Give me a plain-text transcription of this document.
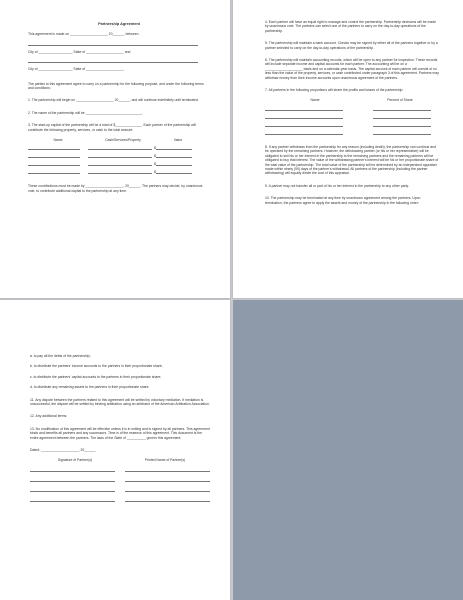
Partnership Agreement
This agreement is made on ____________________ 20______, between
City of __________________ State of ____________________ and
City of __________________ State of ____________________.
The parties to this agreement agree to carry on a partnership for the following purpose, and under the following terms and conditions:
1. The partnership will begin on ____________________ 20______, and will continue indefinitely until terminated.
2. The name of the partnership will be ______________________________.
3. The start-up capital of the partnership will be a total of $______________. Each partner of the partnership will contribute the following property, services, or cash to the total amount:
Name	Cash/Services/Property	Value
$
$
$
$
These contributions must be made by ____________________, 20______. The partners may decide, by unanimous vote, to contribute additional capital to the partnership at any time.
4. Each partner will have an equal right to manage and control the partnership. Partnership decisions will be made by unanimous vote. The partners can select one of the partners to carry on the day-to-day operations of the partnership.
5. The partnership will maintain a bank account. Checks may be signed by either all of the partners together or by a partner selected to carry on the day-to-day operations of the partnership.
6. The partnership will maintain accounting records, which will be open to any partner for inspection. These records will include separate income and capital accounts for each partner. The accounting will be on a ____________________ basis and on a calendar-year basis. The capital account of each partner will consist of no less than the value of the property, services, or cash contributed under paragraph 3 of this agreement. Partners may withdraw money from their income accounts upon unanimous agreement of the partners.
7. All partners in the following proportions will share the profits and losses of the partnership:
Name	Percent of Share
8. If any partner withdraws from the partnership for any reason (including death), the partnership can continue and be operated by the remaining partners. However, the withdrawing partner (or his or her representative) will be obligated to sell his or her interest in the partnership to the remaining partners and the remaining partners will be obligated to buy that interest. The value of the withdrawing partner's interest will be his or her proportionate share of the total value of the partnership. The total value of the partnership will be determined by an independent appraiser made within ninety (90) days of the partner's withdrawal. All partners of the partnership (including the partner withdrawing) will equally divide the cost of this appraisal.
9. A partner may not transfer all or part of his or her interest in the partnership to any other party.
10. The partnership may be terminated at any time by unanimous agreement among the partners. Upon termination, the partners agree to apply the assets and money of the partnership in the following order:
a. to pay all the debts of the partnership;
b. to distribute the partners' income accounts to the partners in their proportionate share;
c. to distribute the partners' capital accounts to the partners in their proportionate share;
d. to distribute any remaining assets to the partners in their proportionate share.
11. Any dispute between the partners related to this agreement will be settled by voluntary mediation. If mediation is unsuccessful, the dispute will be settled by binding arbitration using an arbitrator of the American Arbitration Association.
12. Any additional terms:
13. No modification of this agreement will be effective unless it is in writing and is signed by all partners. This agreement binds and benefits all partners and any successors. Time is of the essence of this agreement. This document is the entire agreement between the partners. The laws of the State of __________ govern this agreement.
Dated: ____________________, 20______
Signature of Partner(s)	Printed Name of Partner(s)
